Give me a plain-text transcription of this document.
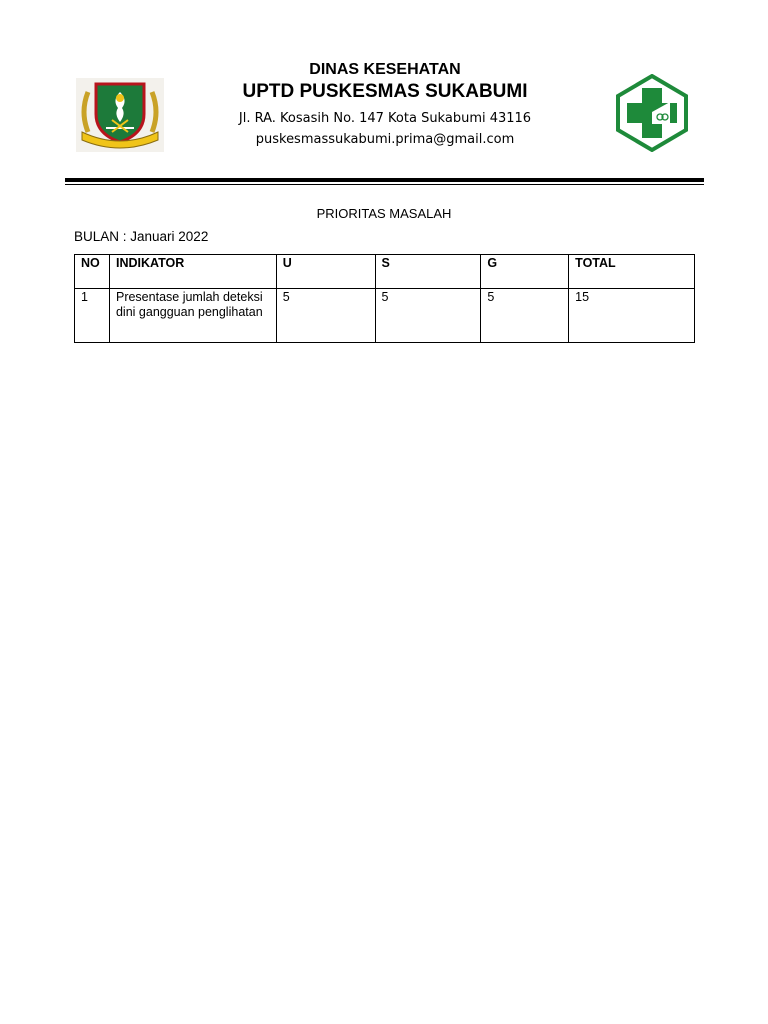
DINAS KESEHATAN
UPTD PUSKESMAS SUKABUMI
Jl. RA. Kosasih No. 147 Kota Sukabumi 43116
puskesmassukabumi.prima@gmail.com
PRIORITAS MASALAH
BULAN : Januari 2022
NO	INDIKATOR	U	S	G	TOTAL
1	Presentase jumlah deteksi dini gangguan penglihatan	5	5	5	15
